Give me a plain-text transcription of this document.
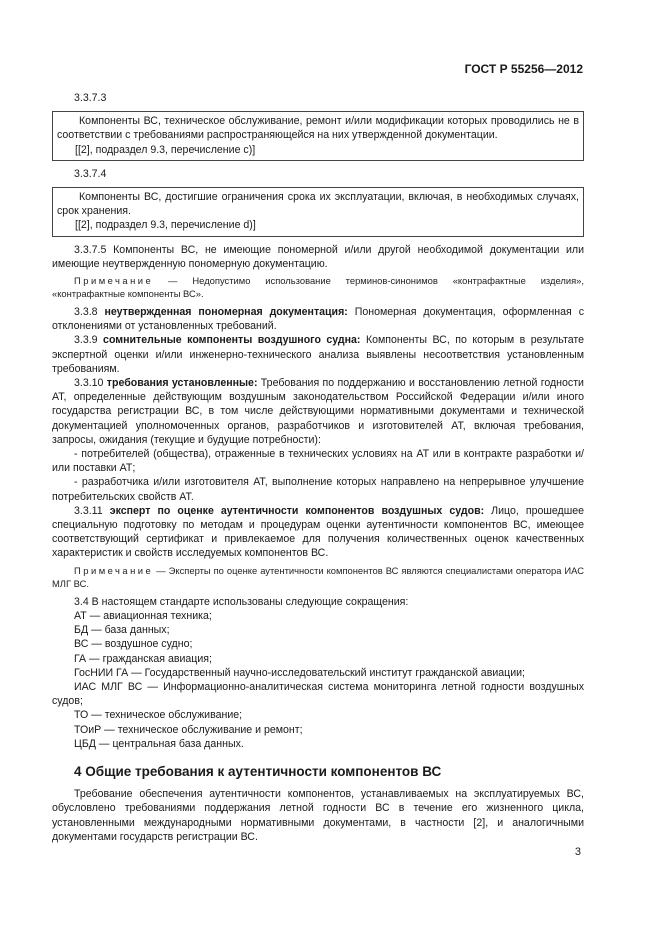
ГОСТ Р 55256—2012

3.3.7.3

Компоненты ВС, техническое обслуживание, ремонт и/или модификации которых проводились не в соответствии с требованиями распространяющейся на них утвержденной документации.

[[2], подраздел 9.3, перечисление с)]

3.3.7.4

Компоненты ВС, достигшие ограничения срока их эксплуатации, включая, в необходимых случаях, срок хранения.

[[2], подраздел 9.3, перечисление d)]

3.3.7.5 Компоненты ВС, не имеющие пономерной и/или другой необходимой документации или имеющие неутвержденную пономерную документацию.

Примечание — Недопустимо использование терминов-синонимов «контрафактные изделия», «контрафактные компоненты ВС».

3.3.8 неутвержденная пономерная документация: Пономерная документация, оформленная с отклонениями от установленных требований.

3.3.9 сомнительные компоненты воздушного судна: Компоненты ВС, по которым в результате экспертной оценки и/или инженерно-технического анализа выявлены несоответствия установленным требованиям.

3.3.10 требования установленные: Требования по поддержанию и восстановлению летной годности АТ, определенные действующим воздушным законодательством Российской Федерации и/или иного государства регистрации ВС, в том числе действующими нормативными документами и технической документацией уполномоченных органов, разработчиков и изготовителей АТ, включая требования, запросы, ожидания (текущие и будущие потребности):

- потребителей (общества), отраженные в технических условиях на АТ или в контракте разработки и/или поставки АТ;

- разработчика и/или изготовителя АТ, выполнение которых направлено на непрерывное улучшение потребительских свойств АТ.

3.3.11 эксперт по оценке аутентичности компонентов воздушных судов: Лицо, прошедшее специальную подготовку по методам и процедурам оценки аутентичности компонентов ВС, имеющее соответствующий сертификат и привлекаемое для получения количественных оценок качественных характеристик и свойств исследуемых компонентов ВС.

Примечание — Эксперты по оценке аутентичности компонентов ВС являются специалистами оператора ИАС МЛГ ВС.

3.4 В настоящем стандарте использованы следующие сокращения:

АТ — авиационная техника;

БД — база данных;

ВС — воздушное судно;

ГА — гражданская авиация;

ГосНИИ ГА — Государственный научно-исследовательский институт гражданской авиации;

ИАС МЛГ ВС — Информационно-аналитическая система мониторинга летной годности воздушных судов;

ТО — техническое обслуживание;

ТОиР — техническое обслуживание и ремонт;

ЦБД — центральная база данных.

4 Общие требования к аутентичности компонентов ВС

Требование обеспечения аутентичности компонентов, устанавливаемых на эксплуатируемых ВС, обусловлено требованиями поддержания летной годности ВС в течение его жизненного цикла, установленными международными нормативными документами, в частности [2], и аналогичными документами государств регистрации ВС.

3
